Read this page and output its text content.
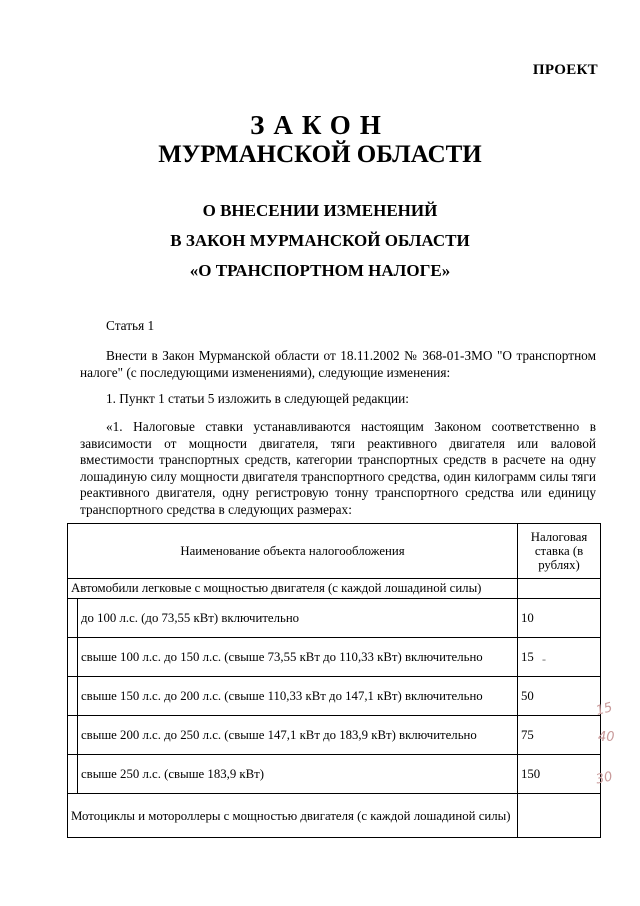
ПРОЕКТ
ЗАКОН
МУРМАНСКОЙ ОБЛАСТИ
О ВНЕСЕНИИ ИЗМЕНЕНИЙ
В ЗАКОН МУРМАНСКОЙ ОБЛАСТИ
«О ТРАНСПОРТНОМ НАЛОГЕ»
Статья 1
Внести в Закон Мурманской области от 18.11.2002 № 368-01-ЗМО "О транспортном налоге" (с последующими изменениями), следующие изменения:
1. Пункт 1 статьи 5 изложить в следующей редакции:
«1. Налоговые ставки устанавливаются настоящим Законом соответственно в зависимости от мощности двигателя, тяги реактивного двигателя или валовой вместимости транспортных средств, категории транспортных средств в расчете на одну лошадиную силу мощности двигателя транспортного средства, один килограмм силы тяги реактивного двигателя, одну регистровую тонну транспортного средства или единицу транспортного средства в следующих размерах:
Наименование объекта налогообложения		Налоговая ставка (в рублях)
Автомобили легковые с мощностью двигателя (с каждой лошадиной силы)		
	до 100 л.с. (до 73,55 кВт) включительно	10
	свыше 100 л.с. до 150 л.с. (свыше 73,55 кВт до 110,33 кВт) включительно	15
	свыше 150 л.с. до 200 л.с. (свыше 110,33 кВт до 147,1 кВт) включительно	50
	свыше 200 л.с. до 250 л.с. (свыше 147,1 кВт до 183,9 кВт) включительно	75
	свыше 250 л.с. (свыше 183,9 кВт)	150
Мотоциклы и мотороллеры с мощностью двигателя (с каждой лошадиной силы)		
-
15
40
30
